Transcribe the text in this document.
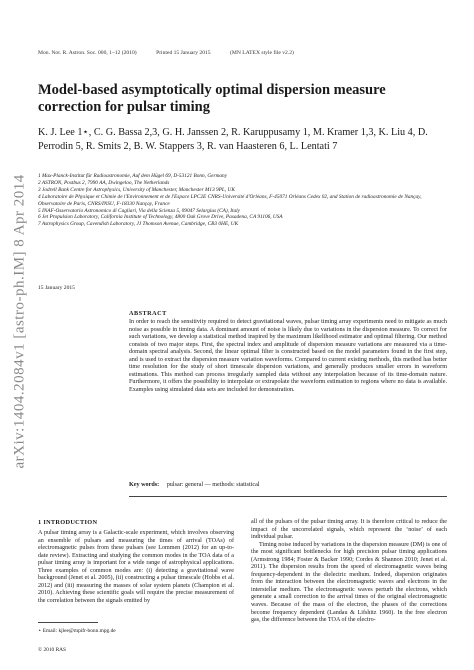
arXiv:1404.2084v1 [astro-ph.IM] 8 Apr 2014
Mon. Not. R. Astron. Soc. 000, 1–12 (2010)	Printed 15 January 2015	(MN LATEX style file v2.2)
Model-based asymptotically optimal dispersion measure correction for pulsar timing
K. J. Lee 1⋆, C. G. Bassa 2,3, G. H. Janssen 2, R. Karuppusamy 1, M. Kramer 1,3, K. Liu 4, D. Perrodin 5, R. Smits 2, B. W. Stappers 3, R. van Haasteren 6, L. Lentati 7
1 Max-Planck-Institut für Radioastronomie, Auf dem Hügel 69, D-53121 Bonn, Germany
2 ASTRON, Postbus 2, 7990 AA, Dwingeloo, The Netherlands
3 Jodrell Bank Centre for Astrophysics, University of Manchester, Manchester M13 9PL, UK
4 Laboratoire de Physique et Chimie de l'Environnement et de l'Espace LPC2E CNRS-Université d'Orléans, F-45071 Orléans Cedex 02, and Station de radioastronomie de Nançay, Observatoire de Paris, CNRS/INSU, F-18330 Nançay, France
5 INAF-Osservatorio Astronomico di Cagliari, Via della Scienza 5, 09047 Selargius (CA), Italy
6 Jet Propulsion Laboratory, California Institute of Technology, 4800 Oak Grove Drive, Pasadena, CA 91106, USA
7 Astrophysics Group, Cavendish Laboratory, JJ Thomson Avenue, Cambridge, CB3 0HE, UK
15 January 2015
ABSTRACT
In order to reach the sensitivity required to detect gravitational waves, pulsar timing array experiments need to mitigate as much noise as possible in timing data. A dominant amount of noise is likely due to variations in the dispersion measure. To correct for such variations, we develop a statistical method inspired by the maximum likelihood estimator and optimal filtering. Our method consists of two major steps. First, the spectral index and amplitude of dispersion measure variations are measured via a time-domain spectral analysis. Second, the linear optimal filter is constructed based on the model parameters found in the first step, and is used to extract the dispersion measure variation waveforms. Compared to current existing methods, this method has better time resolution for the study of short timescale dispersion variations, and generally produces smaller errors in waveform estimations. This method can process irregularly sampled data without any interpolation because of its time-domain nature. Furthermore, it offers the possibility to interpolate or extrapolate the waveform estimation to regions where no data is available. Examples using simulated data sets are included for demonstration.
Key words: pulsar: general — methods: statistical
1 INTRODUCTION
A pulsar timing array is a Galactic-scale experiment, which involves observing an ensemble of pulsars and measuring the times of arrival (TOAs) of electromagnetic pulses from these pulsars (see Lommen (2012) for an up-to-date review). Extracting and studying the common modes in the TOA data of a pulsar timing array is important for a wide range of astrophysical applications. Three examples of common modes are: (i) detecting a gravitational wave background (Jenet et al. 2005), (ii) constructing a pulsar timescale (Hobbs et al. 2012) and (iii) measuring the masses of solar system planets (Champion et al. 2010). Achieving these scientific goals will require the precise measurement of the correlation between the signals emitted by

all of the pulsars of the pulsar timing array. It is therefore critical to reduce the impact of the uncorrelated signals, which represent the ‘noise’ of each individual pulsar.

Timing noise induced by variations in the dispersion measure (DM) is one of the most significant bottlenecks for high precision pulsar timing applications (Armstrong 1984; Foster & Backer 1990; Cordes & Shannon 2010; Jenet et al. 2011). The dispersion results from the speed of electromagnetic waves being frequency-dependent in the dielectric medium. Indeed, dispersion originates from the interaction between the electromagnetic waves and electrons in the interstellar medium. The electromagnetic waves perturb the electrons, which generate a small correction to the arrival times of the original electromagnetic waves. Because of the mass of the electron, the phases of the corrections become frequency dependent (Landau & Lifshitz 1960). In the free electron gas, the difference between the TOA of the electro-

⋆ Email: kjlee@mpifr-bonn.mpg.de
© 2010 RAS
